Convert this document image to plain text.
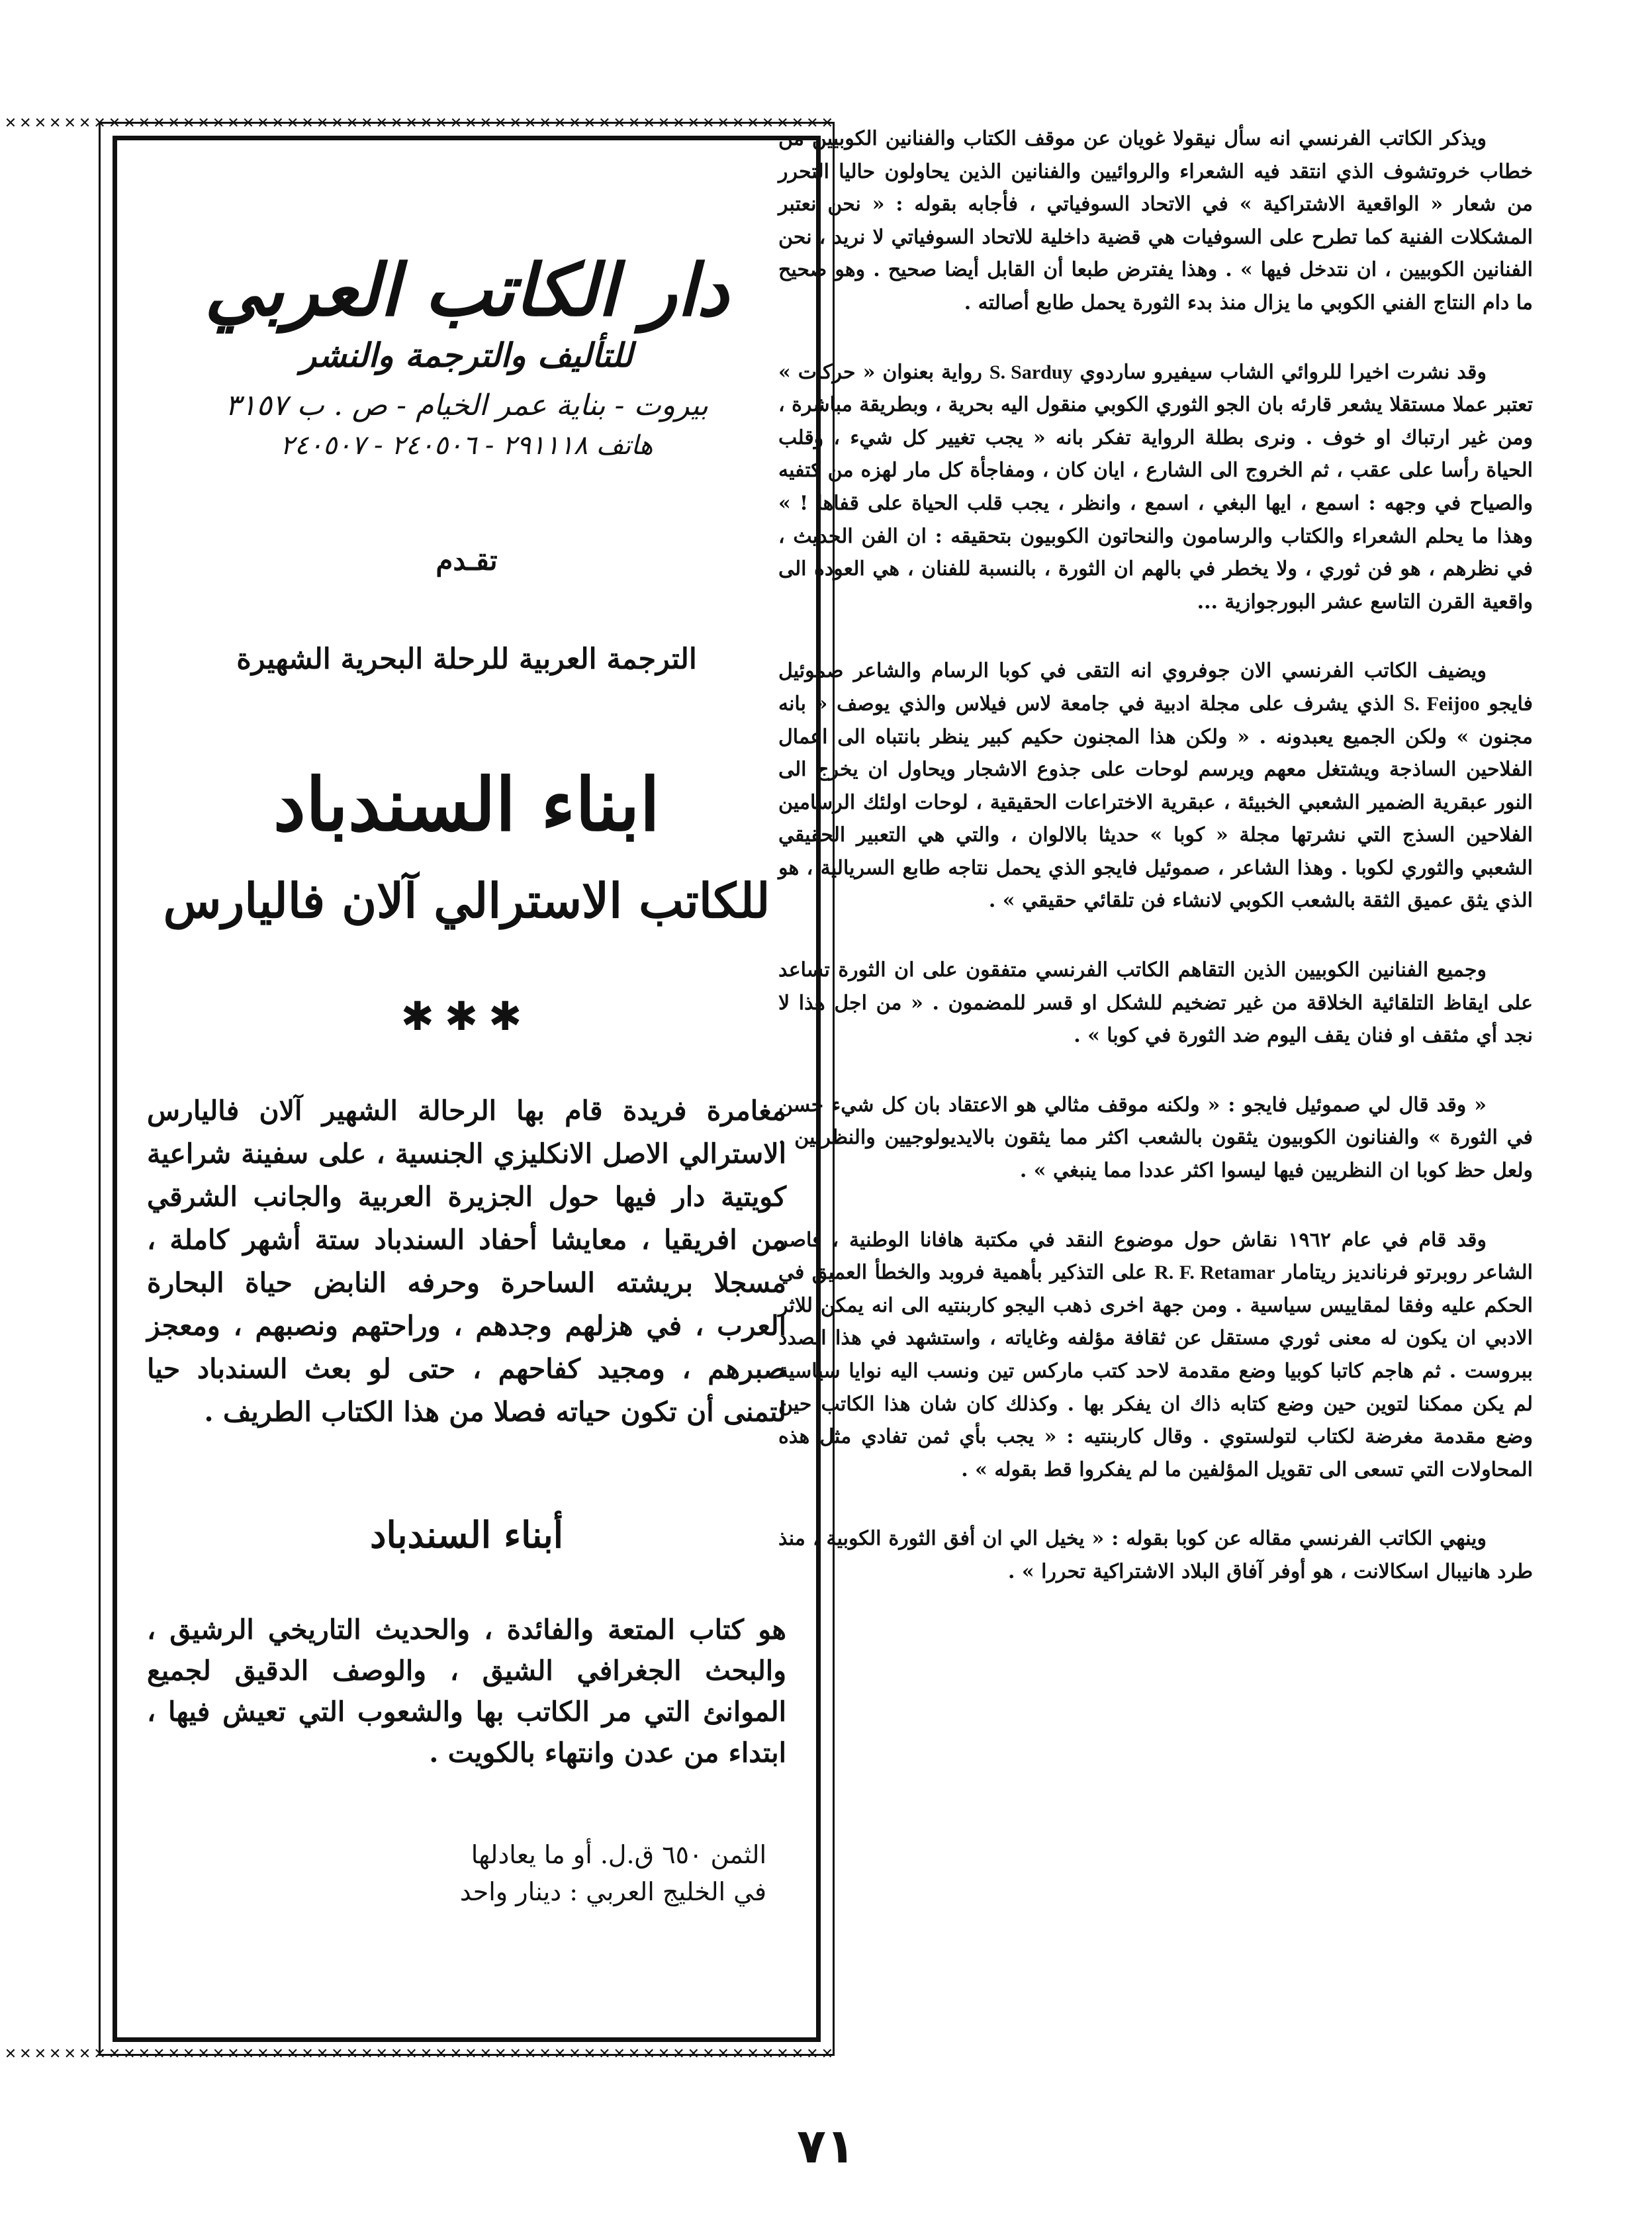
ويذكر الكاتب الفرنسي انه سأل نيقولا غويان عن موقف الكتاب والفنانين الكوبيين من خطاب خروتشوف الذي انتقد فيه الشعراء والروائيين والفنانين الذين يحاولون حاليا التحرر من شعار « الواقعية الاشتراكية » في الاتحاد السوفياتي ، فأجابه بقوله : « نحن نعتبر المشكلات الفنية كما تطرح على السوفيات هي قضية داخلية للاتحاد السوفياتي لا نريد ، نحن الفنانين الكوبيين ، ان نتدخل فيها » . وهذا يفترض طبعا أن القابل أيضا صحيح . وهو صحيح ما دام النتاج الفني الكوبي ما يزال منذ بدء الثورة يحمل طابع أصالته .

وقد نشرت اخيرا للروائي الشاب سيفيرو ساردوي S. Sarduy رواية بعنوان « حركات » تعتبر عملا مستقلا يشعر قارئه بان الجو الثوري الكوبي منقول اليه بحرية ، وبطريقة مباشرة ، ومن غير ارتباك او خوف . ونرى بطلة الرواية تفكر بانه « يجب تغيير كل شيء ، وقلب الحياة رأسا على عقب ، ثم الخروج الى الشارع ، ايان كان ، ومفاجأة كل مار لهزه من كتفيه والصياح في وجهه : اسمع ، ايها البغي ، اسمع ، وانظر ، يجب قلب الحياة على قفاها ! » وهذا ما يحلم الشعراء والكتاب والرسامون والنحاتون الكوبيون بتحقيقه : ان الفن الحديث ، في نظرهم ، هو فن ثوري ، ولا يخطر في بالهم ان الثورة ، بالنسبة للفنان ، هي العودة الى واقعية القرن التاسع عشر البورجوازية ...

ويضيف الكاتب الفرنسي الان جوفروي انه التقى في كوبا الرسام والشاعر صموئيل فايجو S. Feijoo الذي يشرف على مجلة ادبية في جامعة لاس فيلاس والذي يوصف « بانه مجنون » ولكن الجميع يعبدونه . « ولكن هذا المجنون حكيم كبير ينظر بانتباه الى اعمال الفلاحين الساذجة ويشتغل معهم ويرسم لوحات على جذوع الاشجار ويحاول ان يخرج الى النور عبقرية الضمير الشعبي الخبيئة ، عبقرية الاختراعات الحقيقية ، لوحات اولئك الرسامين الفلاحين السذج التي نشرتها مجلة « كوبا » حديثا بالالوان ، والتي هي التعبير الحقيقي الشعبي والثوري لكوبا . وهذا الشاعر ، صموئيل فايجو الذي يحمل نتاجه طابع السريالية ، هو الذي يثق عميق الثقة بالشعب الكوبي لانشاء فن تلقائي حقيقي » .

وجميع الفنانين الكوبيين الذين التقاهم الكاتب الفرنسي متفقون على ان الثورة تساعد على ايقاظ التلقائية الخلاقة من غير تضخيم للشكل او قسر للمضمون . « من اجل هذا لا نجد أي مثقف او فنان يقف اليوم ضد الثورة في كوبا » .

« وقد قال لي صموئيل فايجو : « ولكنه موقف مثالي هو الاعتقاد بان كل شيء حسن في الثورة » والفنانون الكوبيون يثقون بالشعب اكثر مما يثقون بالايديولوجيين والنظريين . ولعل حظ كوبا ان النظريين فيها ليسوا اكثر عددا مما ينبغي » .

وقد قام في عام ١٩٦٢ نقاش حول موضوع النقد في مكتبة هافانا الوطنية ، فاصر الشاعر روبرتو فرنانديز ريتامار R. F. Retamar على التذكير بأهمية فروبد والخطأ العميق في الحكم عليه وفقا لمقاييس سياسية . ومن جهة اخرى ذهب اليجو كاربنتيه الى انه يمكن للاثر الادبي ان يكون له معنى ثوري مستقل عن ثقافة مؤلفه وغاياته ، واستشهد في هذا الصدد ببروست . ثم هاجم كاتبا كوبيا وضع مقدمة لاحد كتب ماركس تين ونسب اليه نوايا سياسية لم يكن ممكنا لتوين حين وضع كتابه ذاك ان يفكر بها . وكذلك كان شان هذا الكاتب حين وضع مقدمة مغرضة لكتاب لتولستوي . وقال كاربنتيه : « يجب بأي ثمن تفادي مثل هذه المحاولات التي تسعى الى تقويل المؤلفين ما لم يفكروا قط بقوله » .

وينهي الكاتب الفرنسي مقاله عن كوبا بقوله : « يخيل الي ان أفق الثورة الكوبية ، منذ طرد هانيبال اسكالانت ، هو أوفر آفاق البلاد الاشتراكية تحررا » .

✕✕✕✕✕✕✕✕✕✕✕✕✕✕✕✕✕✕✕✕✕✕✕✕✕✕✕✕✕✕✕✕✕✕✕✕✕✕✕✕✕✕✕✕✕✕✕✕✕✕✕✕✕✕✕✕
دار الكاتب العربي
للتأليف والترجمة والنشر
بيروت - بناية عمر الخيام - ص . ب ٣١٥٧
هاتف ٢٩١١١٨ - ٢٤٠٥٠٦ - ٢٤٠٥٠٧
تقـدم
الترجمة العربية للرحلة البحرية الشهيرة
ابناء السندباد
للكاتب الاسترالي آلان فاليارس
✱✱✱
مغامرة فريدة قام بها الرحالة الشهير آلان فاليارس الاسترالي الاصل الانكليزي الجنسية ، على سفينة شراعية كويتية دار فيها حول الجزيرة العربية والجانب الشرقي من افريقيا ، معايشا أحفاد السندباد ستة أشهر كاملة ، مسجلا بريشته الساحرة وحرفه النابض حياة البحارة العرب ، في هزلهم وجدهم ، وراحتهم ونصبهم ، ومعجز صبرهم ، ومجيد كفاحهم ، حتى لو بعث السندباد حيا لتمنى أن تكون حياته فصلا من هذا الكتاب الطريف .
أبناء السندباد
هو كتاب المتعة والفائدة ، والحديث التاريخي الرشيق ، والبحث الجغرافي الشيق ، والوصف الدقيق لجميع الموانئ التي مر الكاتب بها والشعوب التي تعيش فيها ، ابتداء من عدن وانتهاء بالكويت .
الثمن ٦٥٠ ق.ل. أو ما يعادلها
في الخليج العربي : دينار واحد
✕✕✕✕✕✕✕✕✕✕✕✕✕✕✕✕✕✕✕✕✕✕✕✕✕✕✕✕✕✕✕✕✕✕✕✕✕✕✕✕✕✕✕✕✕✕✕✕✕✕✕✕✕✕✕✕
٧١
